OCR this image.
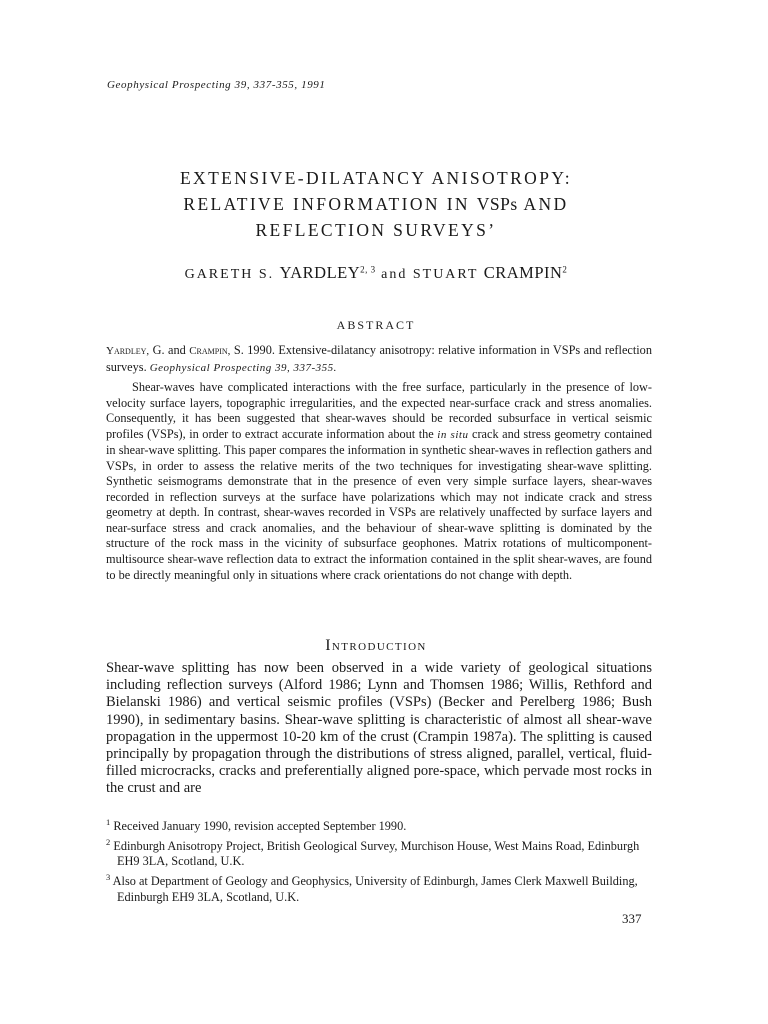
Geophysical Prospecting 39, 337-355, 1991
EXTENSIVE-DILATANCY ANISOTROPY:
RELATIVE INFORMATION IN VSPs AND
REFLECTION SURVEYS’
GARETH S. YARDLEY$^{2, 3}$ and STUART CRAMPIN$^2$
ABSTRACT
Yardley, G. and Crampin, S. 1990. Extensive-dilatancy anisotropy: relative information in VSPs and reflection surveys. Geophysical Prospecting 39, 337-355.

Shear-waves have complicated interactions with the free surface, particularly in the presence of low-velocity surface layers, topographic irregularities, and the expected near-surface crack and stress anomalies. Consequently, it has been suggested that shear-waves should be recorded subsurface in vertical seismic profiles (VSPs), in order to extract accurate information about the in situ crack and stress geometry contained in shear-wave splitting. This paper compares the information in synthetic shear-waves in reflection gathers and VSPs, in order to assess the relative merits of the two techniques for investigating shear-wave splitting. Synthetic seismograms demonstrate that in the presence of even very simple surface layers, shear-waves recorded in reflection surveys at the surface have polarizations which may not indicate crack and stress geometry at depth. In contrast, shear-waves recorded in VSPs are relatively unaffected by surface layers and near-surface stress and crack anomalies, and the behaviour of shear-wave splitting is dominated by the structure of the rock mass in the vicinity of subsurface geophones. Matrix rotations of multicomponent-multisource shear-wave reflection data to extract the information contained in the split shear-waves, are found to be directly meaningful only in situations where crack orientations do not change with depth.

Introduction

Shear-wave splitting has now been observed in a wide variety of geological situations including reflection surveys (Alford 1986; Lynn and Thomsen 1986; Willis, Rethford and Bielanski 1986) and vertical seismic profiles (VSPs) (Becker and Perelberg 1986; Bush 1990), in sedimentary basins. Shear-wave splitting is characteristic of almost all shear-wave propagation in the uppermost 10-20 km of the crust (Crampin 1987a). The splitting is caused principally by propagation through the distributions of stress aligned, parallel, vertical, fluid-filled microcracks, cracks and preferentially aligned pore-space, which pervade most rocks in the crust and are

$^1$ Received January 1990, revision accepted September 1990.
$^2$ Edinburgh Anisotropy Project, British Geological Survey, Murchison House, West Mains Road, Edinburgh EH9 3LA, Scotland, U.K.
$^3$ Also at Department of Geology and Geophysics, University of Edinburgh, James Clerk Maxwell Building, Edinburgh EH9 3LA, Scotland, U.K.
337
